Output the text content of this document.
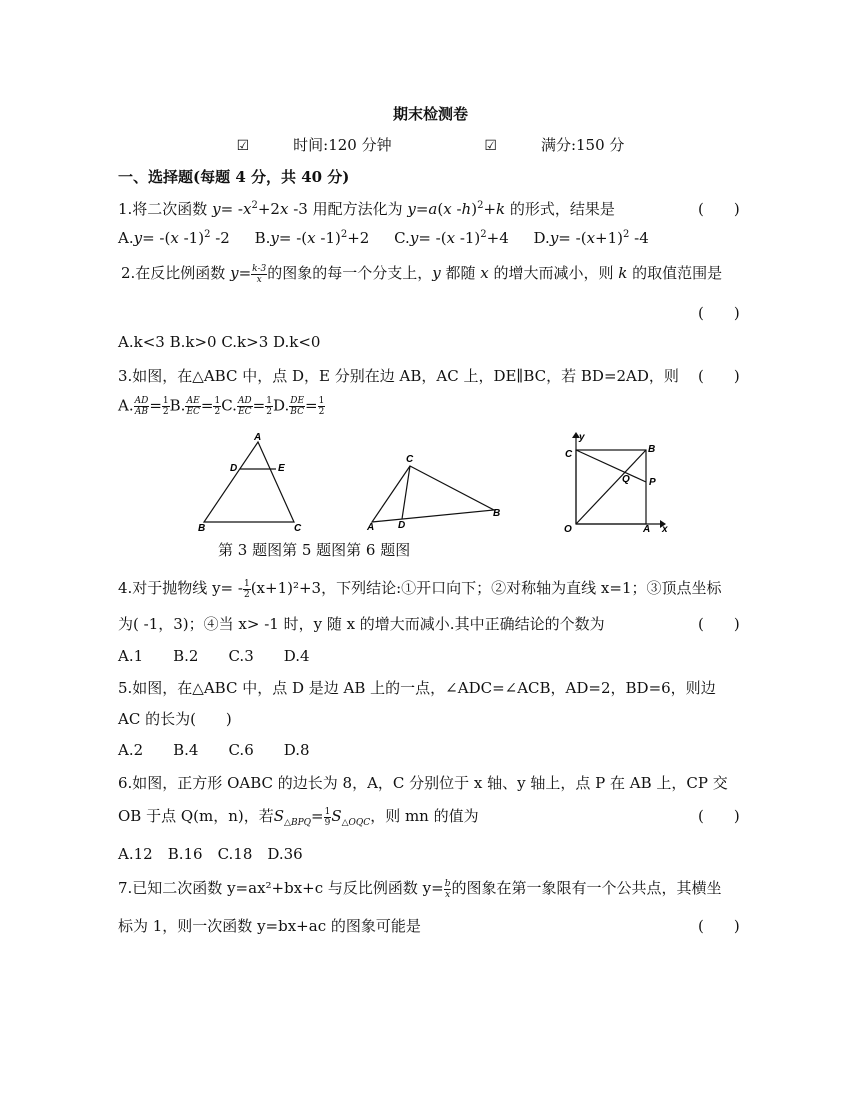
期末检测卷
☑	时间:120 分钟	☑	满分:150 分
一、选择题(每题 4 分，共 40 分)
1.将二次函数 $y= -x^2+2x$ -3 用配方法化为 y=a(x -h)$^2$+k 的形式，结果是	(　　)
A.y= -(x -1)$^2$ -2 B.y= -(x -1)$^2$+2 C.y= -(x -1)$^2$+4 $D.y= -(x+1)^2$ -4
2.在反比例函数 $y= \frac{k-3}{x}$ 的图象的每一个分支上，y 都随 x 的增大而减小，则 k 的取值范围是
(　　)
A.k<3 B.k>0 C.k>3 D.k<0
3.如图，在△ABC 中，点 D，E 分别在边 AB，AC 上，DE∥BC，若 BD=2AD，则 (　　)
A. $\frac{AD}{AB} = \frac{1}{2} B$. $\frac{AE}{EC} = \frac{1}{2} C$. $\frac{AD}{EC} = \frac{1}{2} D$. $\frac{DE}{BC} = \frac{1}{2}$
A
D	E
B	C
C
A D
B
y
C	B
P
Q
O	A x
第 3 题图第 5 题图第 6 题图
4.对于抛物线 $y= - \frac{1}{2} (x+1)^2+3$，下列结论:①开口向下；②对称轴为直线 x=1；③顶点坐标
为( -1，3)；④当 x> -1 时，y 随 x 的增大而减小.其中正确结论的个数为	(　　)
A.1　　B.2　　C.3　　D.4
5.如图，在△ABC 中，点 D 是边 AB 上的一点，∠ADC=∠ACB，AD=2，BD=6，则边
AC 的长为(　　)
A.2　　B.4　　C.6　　D.8
6.如图，正方形 OABC 的边长为 8，A，C 分别位于 x 轴、y 轴上，点 P 在 AB 上，CP 交
OB 于点 Q(m，n)，若$S_{\triangle BPQ}= \frac{1}{9} S_{\triangle OQC}$，则 mn 的值为	(　　)
A.12　B.16　C.18　D.36
7.已知二次函数 y=ax²+bx+c 与反比例函数 $y= \frac{b}{x}$ 的图象在第一象限有一个公共点，其横坐
标为 1，则一次函数 y=bx+ac 的图象可能是	(　　)
